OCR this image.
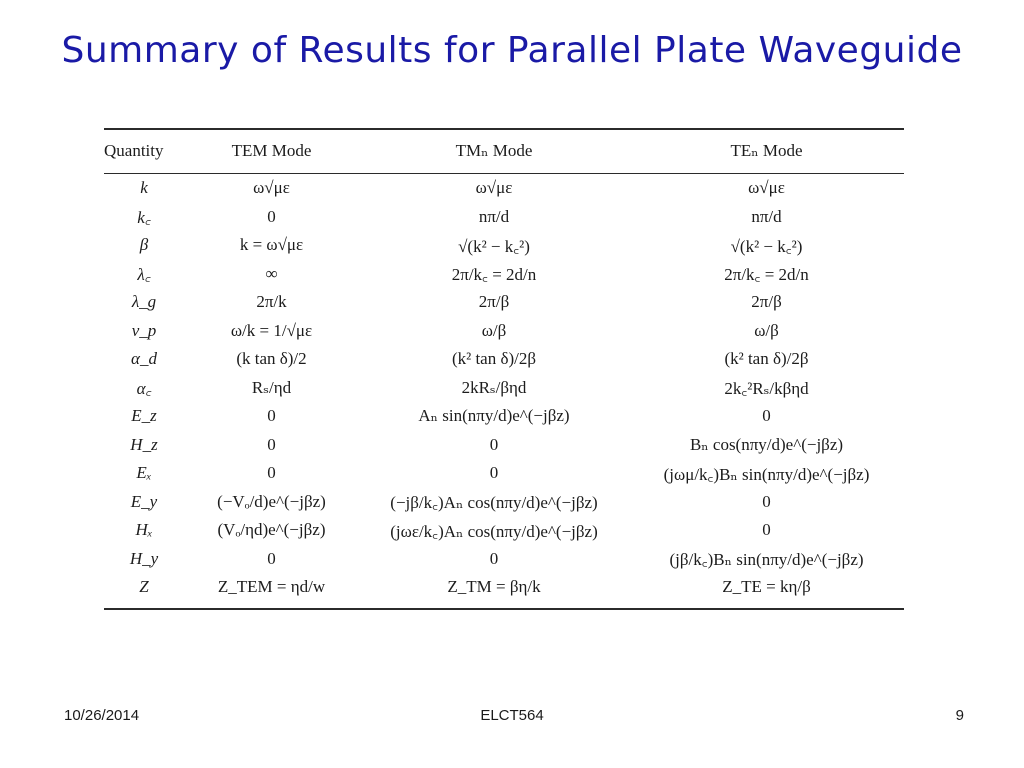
Summary of Results for Parallel Plate Waveguide
Quantity	TEM Mode	TMₙ Mode	TEₙ Mode
k	ω√με	ω√με	ω√με
k꜀	0	nπ/d	nπ/d
β	k = ω√με	√(k² − k꜀²)	√(k² − k꜀²)
λ꜀	∞	2π/k꜀ = 2d/n	2π/k꜀ = 2d/n
λ_g	2π/k	2π/β	2π/β
v_p	ω/k = 1/√με	ω/β	ω/β
α_d	(k tan δ)/2	(k² tan δ)/2β	(k² tan δ)/2β
α꜀	Rₛ/ηd	2kRₛ/βηd	2k꜀²Rₛ/kβηd
E_z	0	Aₙ sin(nπy/d)e^(−jβz)	0
H_z	0	0	Bₙ cos(nπy/d)e^(−jβz)
Eₓ	0	0	(jωμ/k꜀)Bₙ sin(nπy/d)e^(−jβz)
E_y	(−Vₒ/d)e^(−jβz)	(−jβ/k꜀)Aₙ cos(nπy/d)e^(−jβz)	0
Hₓ	(Vₒ/ηd)e^(−jβz)	(jωε/k꜀)Aₙ cos(nπy/d)e^(−jβz)	0
H_y	0	0	(jβ/k꜀)Bₙ sin(nπy/d)e^(−jβz)
Z	Z_TEM = ηd/w	Z_TM = βη/k	Z_TE = kη/β
10/26/2014	ELCT564	9
